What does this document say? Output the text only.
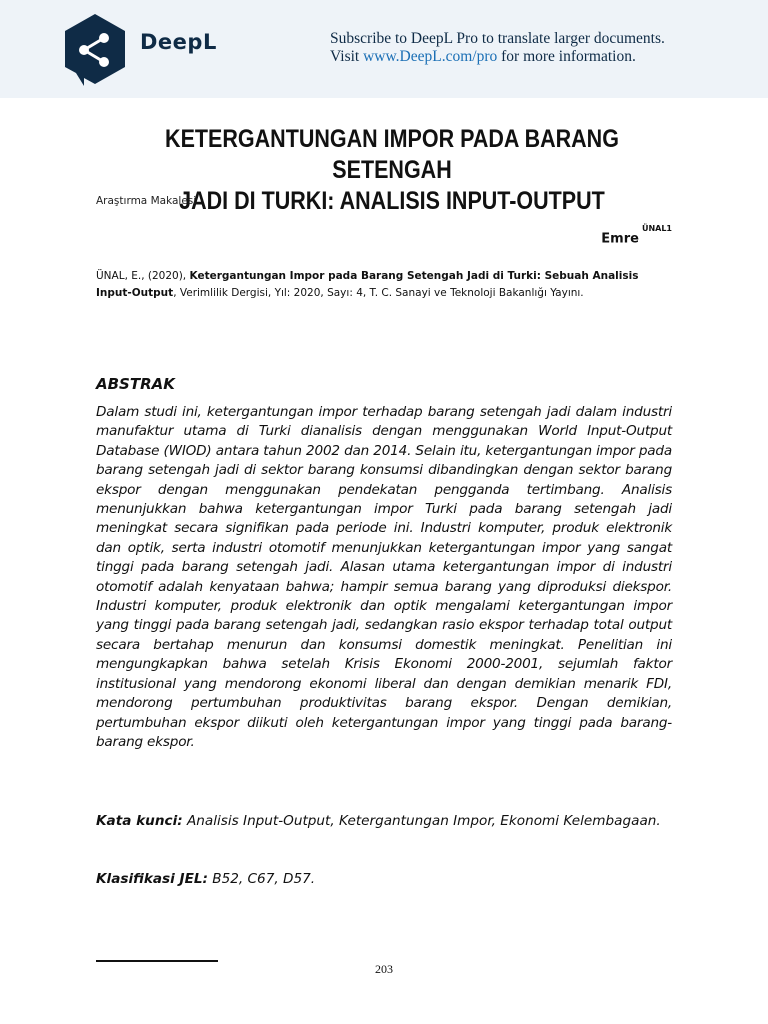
DeepL	Subscribe to DeepL Pro to translate larger documents.
Visit www.DeepL.com/pro for more information.
KETERGANTUNGAN IMPOR PADA BARANG SETENGAH
JADI DI TURKI: ANALISIS INPUT-OUTPUT
Araştırma Makalesi
Emre$^{ÜNAL1}$
ÜNAL, E., (2020), Ketergantungan Impor pada Barang Setengah Jadi di Turki: Sebuah Analisis Input-Output, Verimlilik Dergisi, Yıl: 2020, Sayı: 4, T. C. Sanayi ve Teknoloji Bakanlığı Yayını.
ABSTRAK

Dalam studi ini, ketergantungan impor terhadap barang setengah jadi dalam industri manufaktur utama di Turki dianalisis dengan menggunakan World Input-Output Database (WIOD) antara tahun 2002 dan 2014. Selain itu, ketergantungan impor pada barang setengah jadi di sektor barang konsumsi dibandingkan dengan sektor barang ekspor dengan menggunakan pendekatan pengganda tertimbang. Analisis menunjukkan bahwa ketergantungan impor Turki pada barang setengah jadi meningkat secara signifikan pada periode ini. Industri komputer, produk elektronik dan optik, serta industri otomotif menunjukkan ketergantungan impor yang sangat tinggi pada barang setengah jadi. Alasan utama ketergantungan impor di industri otomotif adalah kenyataan bahwa; hampir semua barang yang diproduksi diekspor. Industri komputer, produk elektronik dan optik mengalami ketergantungan impor yang tinggi pada barang setengah jadi, sedangkan rasio ekspor terhadap total output secara bertahap menurun dan konsumsi domestik meningkat. Penelitian ini mengungkapkan bahwa setelah Krisis Ekonomi 2000-2001, sejumlah faktor institusional yang mendorong ekonomi liberal dan dengan demikian menarik FDI, mendorong pertumbuhan produktivitas barang ekspor. Dengan demikian, pertumbuhan ekspor diikuti oleh ketergantungan impor yang tinggi pada barang-barang ekspor.

Kata kunci: Analisis Input-Output, Ketergantungan Impor, Ekonomi Kelembagaan.

Klasifikasi JEL: B52, C67, D57.

203
